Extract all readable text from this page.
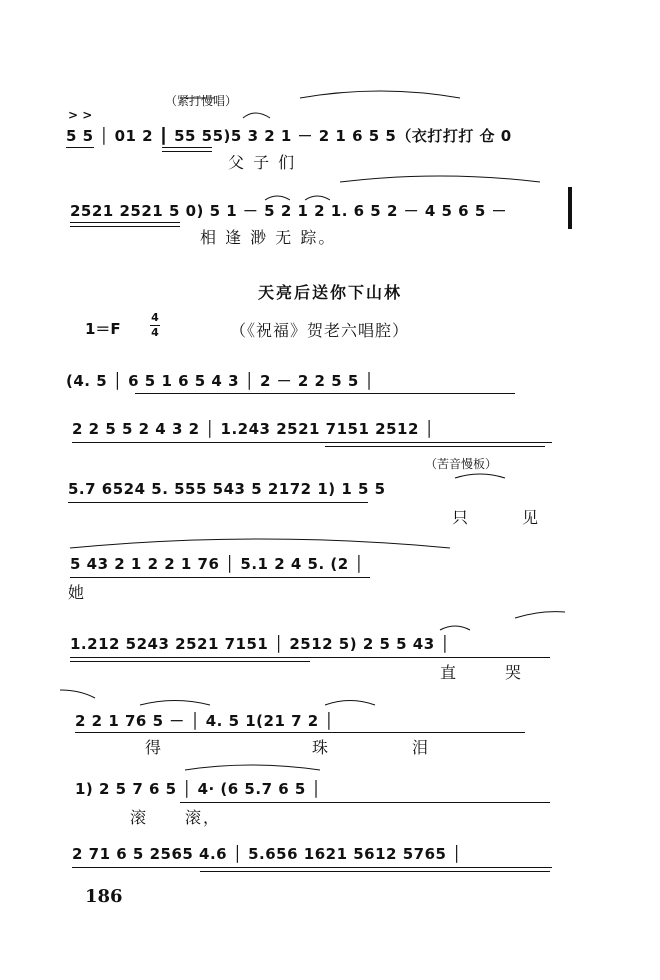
（紧打慢唱）
> >
5 5 │ 01 2 ┃ 55 55)5 3 2 1 － 2 1 6 5 5（衣打打打 仓 0
父 子 们
2521 2521 5 0) 5 1 － 5 2 1 2 1. 6 5 2 － 4 5 6 5 －
相 逢 渺 无 踪。
天亮后送你下山林
1＝F
4
4	（《祝福》贺老六唱腔）
(4. 5 │ 6 5 1 6 5 4 3 │ 2 － 2 2 5 5 │
2 2 5 5 2 4 3 2 │ 1.243 2521 7151 2512 │
（苦音慢板）
5.7 6524 5. 555 543 5 2172 1) 1 5 5
只	见
5 43 2 1 2 2 1 76 │ 5.1 2 4 5. (2 │
她
1.212 5243 2521 7151 │ 2512 5) 2 5 5 43 │
直	哭
2 2 1 76 5 － │ 4. 5 1(21 7 2 │
得	珠	泪
1) 2 5 7 6 5 │ 4· (6 5.7 6 5 │
滚 滚，
2 71 6 5 2565 4.6 │ 5.656 1621 5612 5765 │
186
